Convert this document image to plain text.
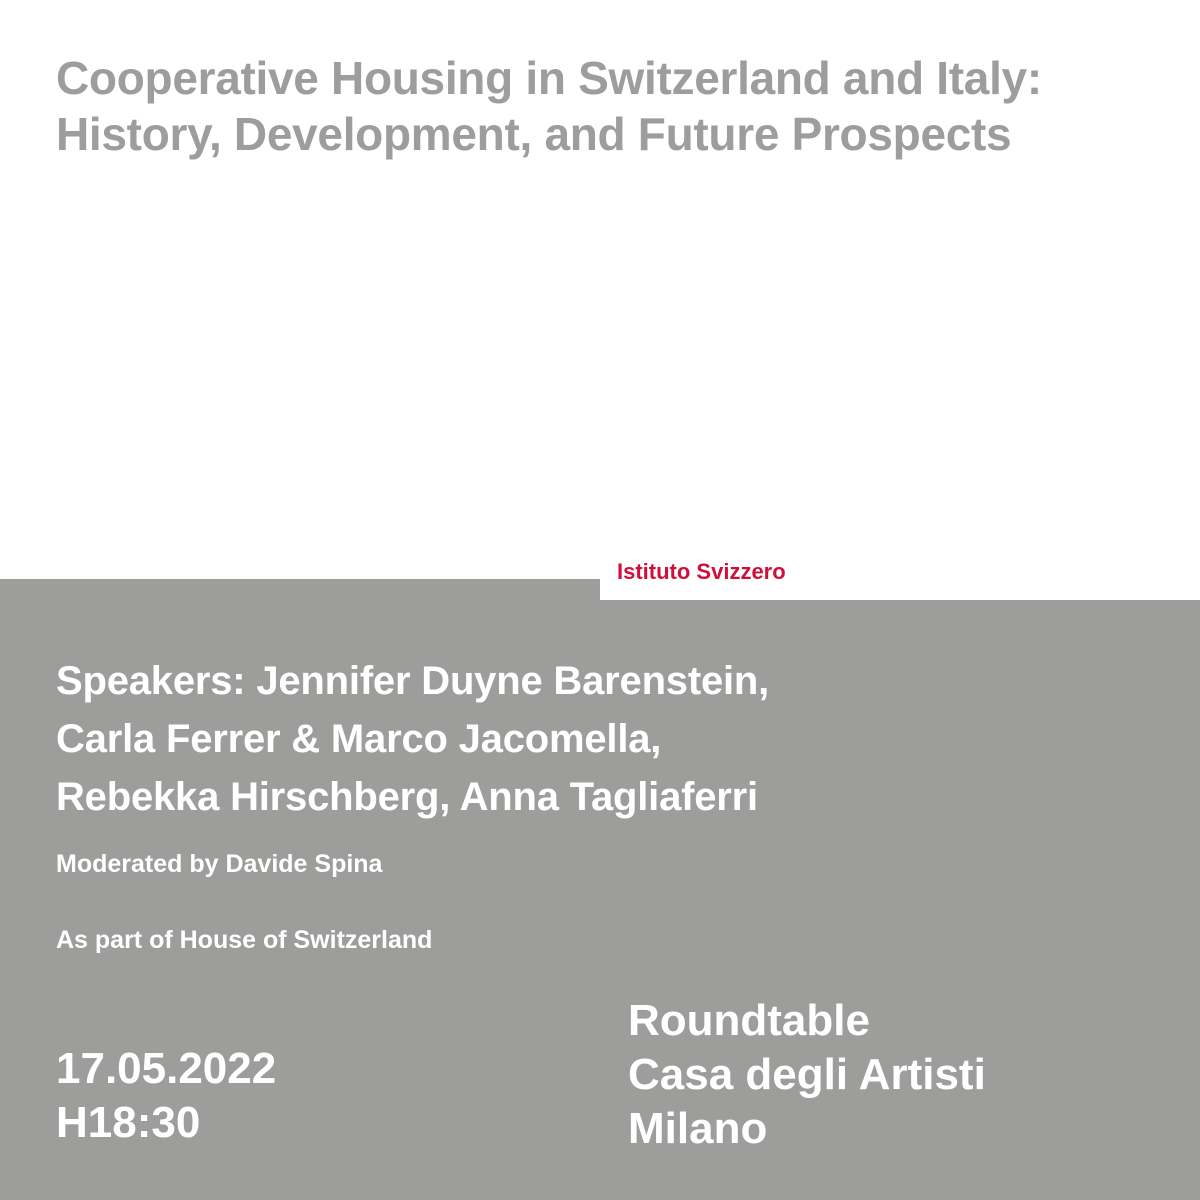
Cooperative Housing in Switzerland and Italy:
History, Development, and Future Prospects
Istituto Svizzero
Speakers: Jennifer Duyne Barenstein,
Carla Ferrer & Marco Jacomella,
Rebekka Hirschberg, Anna Tagliaferri
Moderated by Davide Spina
As part of House of Switzerland
17.05.2022
H18:30
Roundtable
Casa degli Artisti
Milano
